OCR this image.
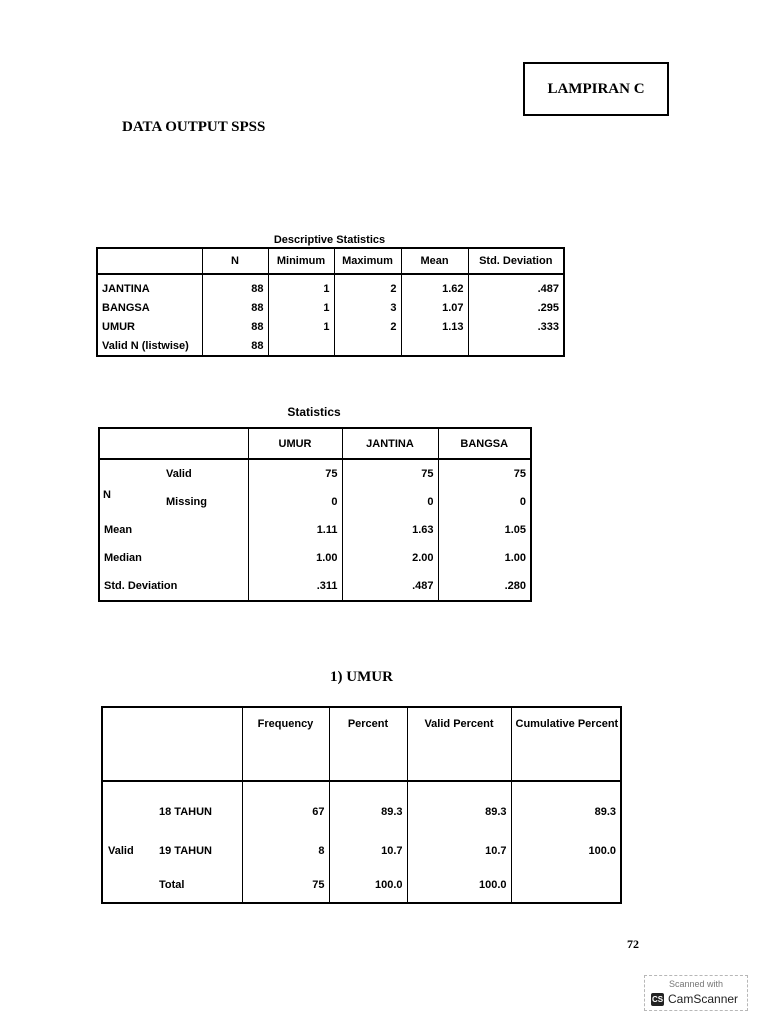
LAMPIRAN C
DATA OUTPUT SPSS
Descriptive Statistics
	N	Minimum	Maximum	Mean	Std. Deviation
JANTINA	88	1	2	1.62	.487
BANGSA	88	1	3	1.07	.295
UMUR	88	1	2	1.13	.333
Valid N (listwise)	88				
Statistics
	UMUR	JANTINA	BANGSA
Valid	75	75	75
Missing	0	0	0
Mean	1.11	1.63	1.05
Median	1.00	2.00	1.00
Std. Deviation	.311	.487	.280
N
1) UMUR
	Frequency	Percent	Valid Percent	Cumulative Percent
18 TAHUN	67	89.3	89.3	89.3

Valid 19 TAHUN	8	10.7	10.7	100.0
Total	75	100.0	100.0	
72
Scanned with
CS CamScanner
